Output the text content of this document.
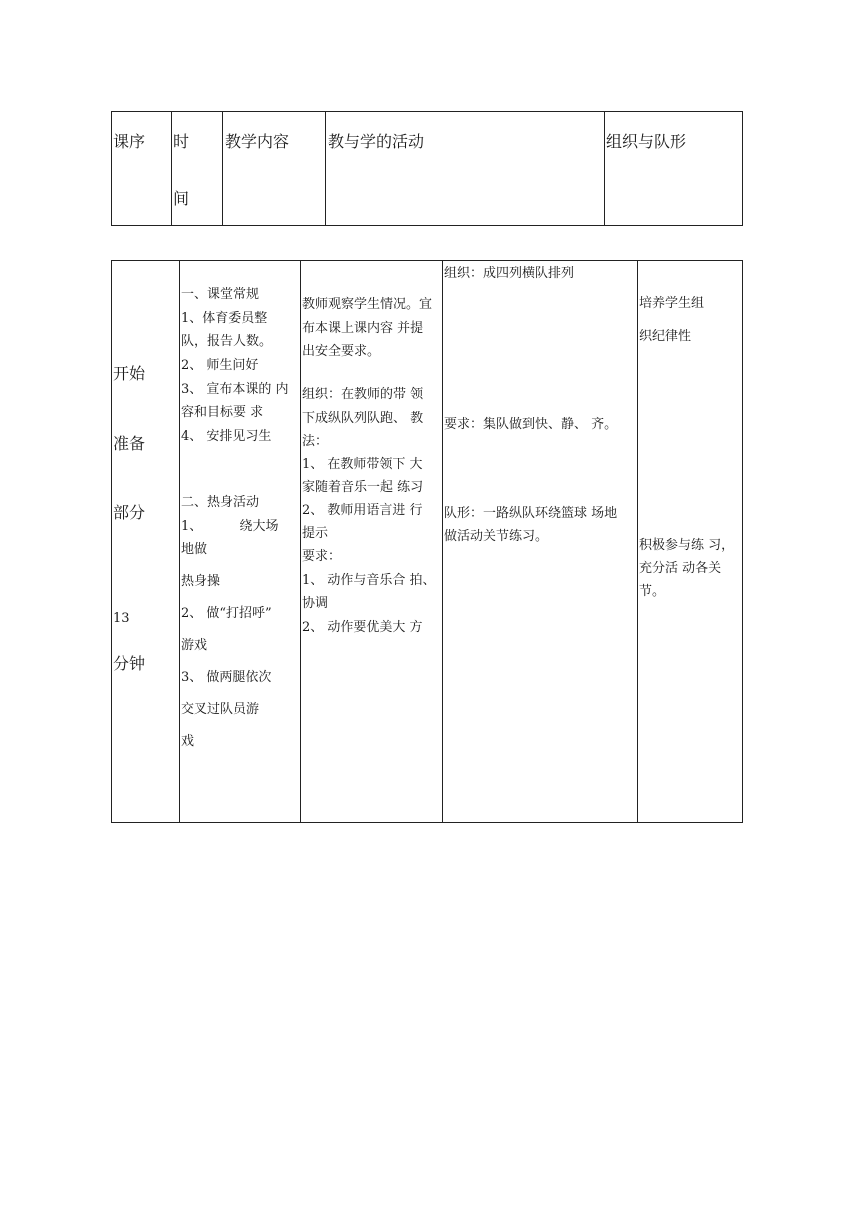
课序 时
间
教学内容 教与学的活动	组织与队形
开始
准备
部分
13
分钟
一、课堂常规
1、体育委员整
队，报告人数。
2、 师生问好
3、 宣布本课的 内
容和目标要 求
4、 安排见习生
二、热身活动
1、         绕大场
地做
热身操
2、 做“打招呼”
游戏
3、 做两腿依次
交叉过队员游
戏
教师观察学生情况。宜
布本课上课内容 并提
出安全要求。
组织：在教师的带 领
下成纵队列队跑、 教
法：
1、 在教师带领下 大
家随着音乐一起 练习
2、 教师用语言进 行
提示
要求：
1、 动作与音乐合 拍、
协调
2、 动作要优美大 方
组织：成四列横队排列
要求：集队做到快、静、 齐。
队形：一路纵队环绕篮球 场地
做活动关节练习。
培养学生组
织纪律性
积极参与练 习，
充分活 动各关
节。
